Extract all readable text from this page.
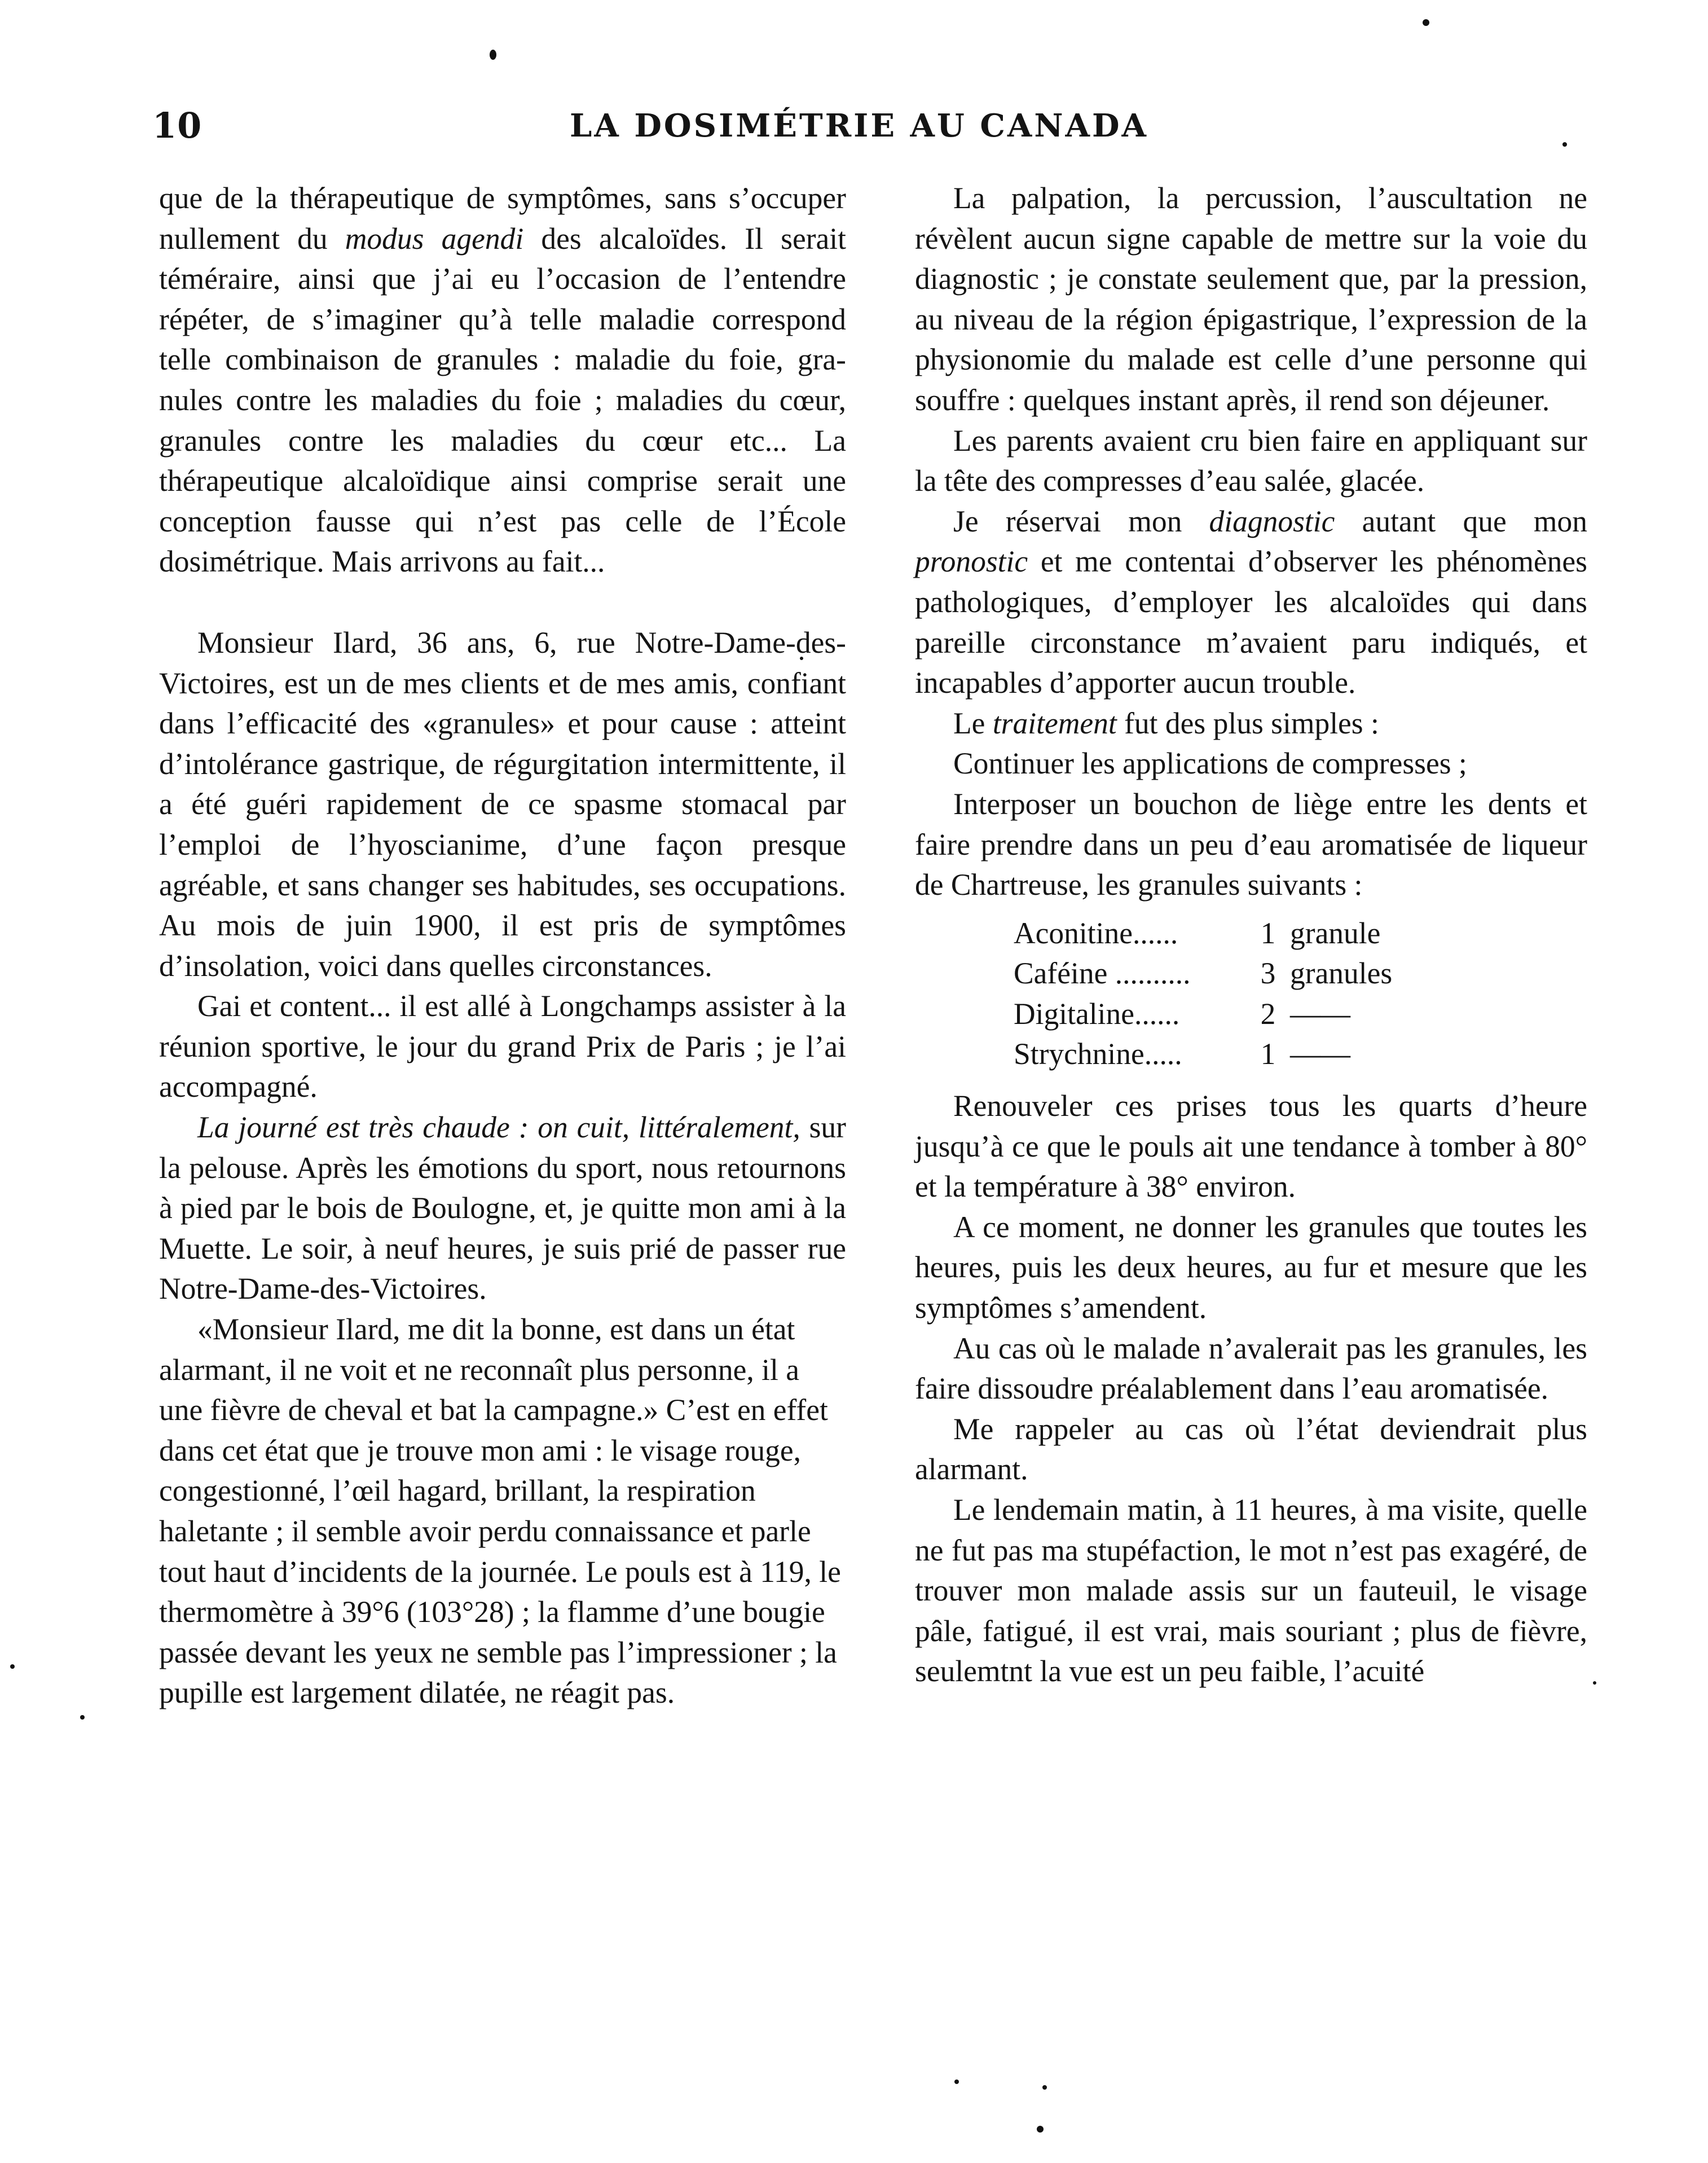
10	LA DOSIMÉTRIE AU CANADA

que de la thérapeutique de symptômes, sans s’occuper nullement du modus agendi des alcaloïdes. Il serait téméraire, ainsi que j’ai eu l’occasion de l’entendre répéter, de s’imaginer qu’à telle maladie correspond telle combinaison de granules : maladie du foie, granules contre les maladies du foie ; maladies du cœur, granules contre les maladies du cœur etc... La thérapeutique alcaloïdique ainsi comprise serait une conception fausse qui n’est pas celle de l’École dosimétrique. Mais arrivons au fait...

Monsieur Ilard, 36 ans, 6, rue Notre-Dame-des-Victoires, est un de mes clients et de mes amis, confiant dans l’efficacité des «granules» et pour cause : atteint d’intolérance gastrique, de régurgitation intermittente, il a été guéri rapidement de ce spasme stomacal par l’emploi de l’hyoscianime, d’une façon presque agréable, et sans changer ses habitudes, ses occupations. Au mois de juin 1900, il est pris de symptômes d’insolation, voici dans quelles circonstances.

Gai et content... il est allé à Longchamps assister à la réunion sportive, le jour du grand Prix de Paris ; je l’ai accompagné.

La journé est très chaude : on cuit, littéralement, sur la pelouse. Après les émotions du sport, nous retournons à pied par le bois de Boulogne, et, je quitte mon ami à la Muette. Le soir, à neuf heures, je suis prié de passer rue Notre-Dame-des-Victoires.

«Monsieur Ilard, me dit la bonne, est dans un état alarmant, il ne voit et ne reconnaît plus personne, il a une fièvre de cheval et bat la campagne.» C’est en effet dans cet état que je trouve mon ami : le visage rouge, congestionné, l’œil hagard, brillant, la respiration haletante ; il semble avoir perdu connaissance et parle tout haut d’incidents de la journée. Le pouls est à 119, le thermomètre à 39°6 (103°28) ; la flamme d’une bougie passée devant les yeux ne semble pas l’impressioner ; la pupille est largement dilatée, ne réagit pas.

La palpation, la percussion, l’auscultation ne révèlent aucun signe capable de mettre sur la voie du diagnostic ; je constate seulement que, par la pression, au niveau de la région épigastrique, l’expression de la physionomie du malade est celle d’une personne qui souffre : quelques instant après, il rend son déjeuner.

Les parents avaient cru bien faire en appliquant sur la tête des compresses d’eau salée, glacée.

Je réservai mon diagnostic autant que mon pronostic et me contentai d’observer les phénomènes pathologiques, d’employer les alcaloïdes qui dans pareille circonstance m’avaient paru indiqués, et incapables d’apporter aucun trouble.

Le traitement fut des plus simples :

Continuer les applications de compresses ;

Interposer un bouchon de liège entre les dents et faire prendre dans un peu d’eau aromatisée de liqueur de Chartreuse, les granules suivants :

Aconitine......	1	granule
Caféine ..........	3	granules
Digitaline......	2	——
Strychnine.....	1	——

Renouveler ces prises tous les quarts d’heure jusqu’à ce que le pouls ait une tendance à tomber à 80° et la température à 38° environ.

A ce moment, ne donner les granules que toutes les heures, puis les deux heures, au fur et mesure que les symptômes s’amendent.

Au cas où le malade n’avalerait pas les granules, les faire dissoudre préalablement dans l’eau aromatisée.

Me rappeler au cas où l’état deviendrait plus alarmant.

Le lendemain matin, à 11 heures, à ma visite, quelle ne fut pas ma stupéfaction, le mot n’est pas exagéré, de trouver mon malade assis sur un fauteuil, le visage pâle, fatigué, il est vrai, mais souriant ; plus de fièvre, seulemtnt la vue est un peu faible, l’acuité
